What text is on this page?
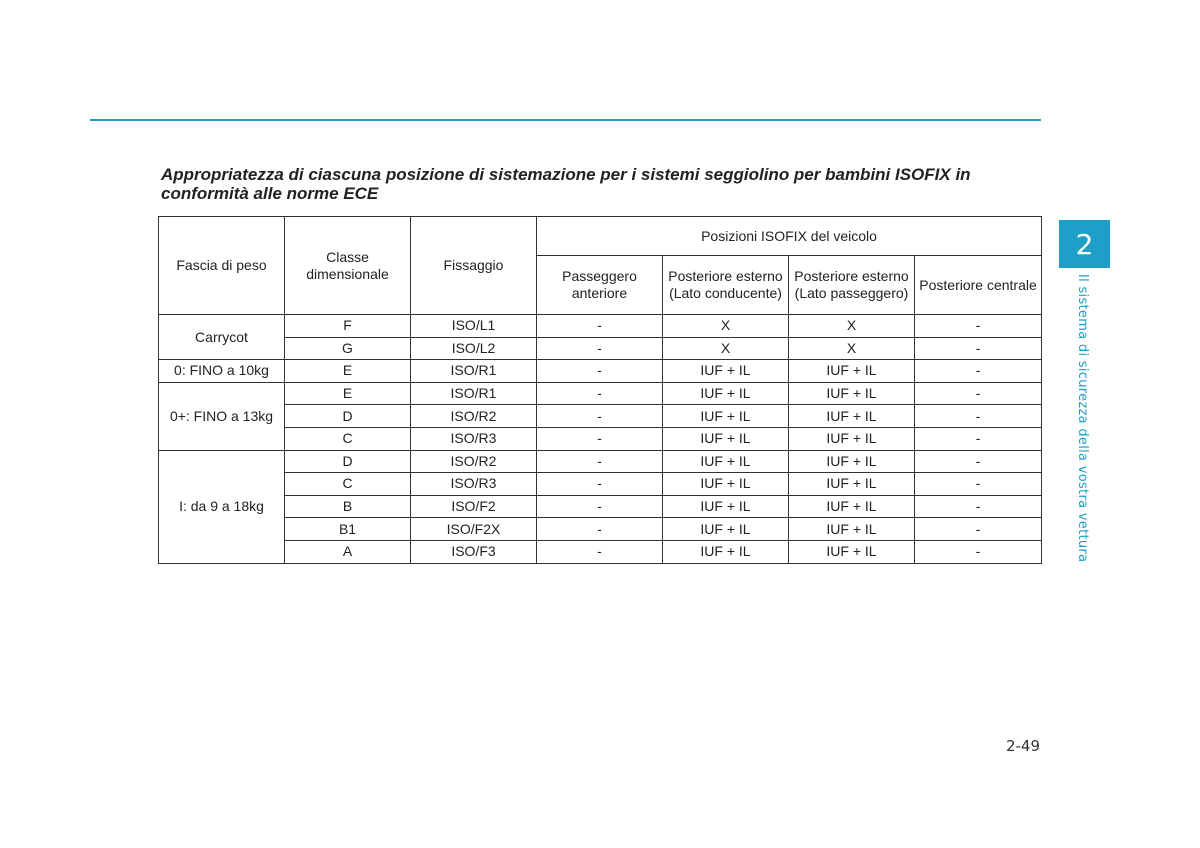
Appropriatezza di ciascuna posizione di sistemazione per i sistemi seggiolino per bambini ISOFIX in
conformità alle norme ECE
Fascia di peso	Classe dimensionale	Fissaggio	Posizioni ISOFIX del veicolo			
			Passeggero anteriore	Posteriore esterno (Lato conducente)	Posteriore esterno (Lato passeggero)	Posteriore centrale
Carrycot	F	ISO/L1	-	X	X	-
	G	ISO/L2	-	X	X	-
0: FINO a 10kg	E	ISO/R1	-	IUF + IL	IUF + IL	-
0+: FINO a 13kg	E	ISO/R1	-	IUF + IL	IUF + IL	-
	D	ISO/R2	-	IUF + IL	IUF + IL	-
	C	ISO/R3	-	IUF + IL	IUF + IL	-
I: da 9 a 18kg	D	ISO/R2	-	IUF + IL	IUF + IL	-
	C	ISO/R3	-	IUF + IL	IUF + IL	-
	B	ISO/F2	-	IUF + IL	IUF + IL	-
	B1	ISO/F2X	-	IUF + IL	IUF + IL	-
	A	ISO/F3	-	IUF + IL	IUF + IL	-
2
Il sistema di sicurezza della vostra vettura
2-49
